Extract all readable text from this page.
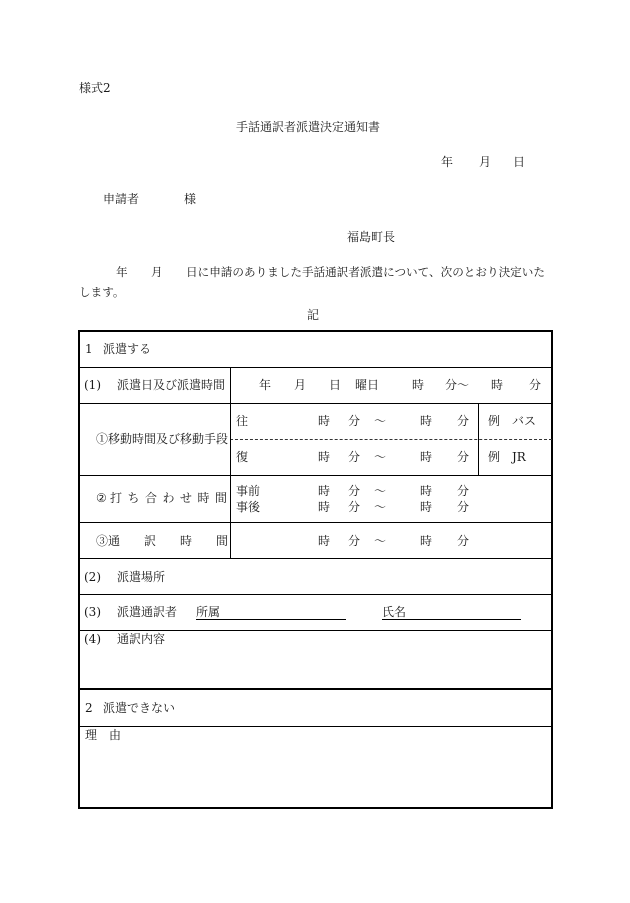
様式2
手話通訳者派遣決定通知書
年 月 日
申請者	様
福島町長
年 月 日に申請のありました手話通訳者派遣について、次のとおり決定いた
します。
記
1 派遣する
(1) 派遣日及び派遣時間	年 月 日 曜日	時 分～ 時 分
①移動時間及び移動手段
往	時 分 ～	時 分 例　バス
復	時 分 ～	時 分 例　JR
② 打ち合わせ時間 事前	時 分 ～	時 分
事後	時 分 ～	時 分
③通　　訳　　時　　間	時 分 ～	時 分
(2) 派遣場所
(3) 派遣通訳者 所属	氏名
(4) 通訳内容
2 派遣できない
理　由
